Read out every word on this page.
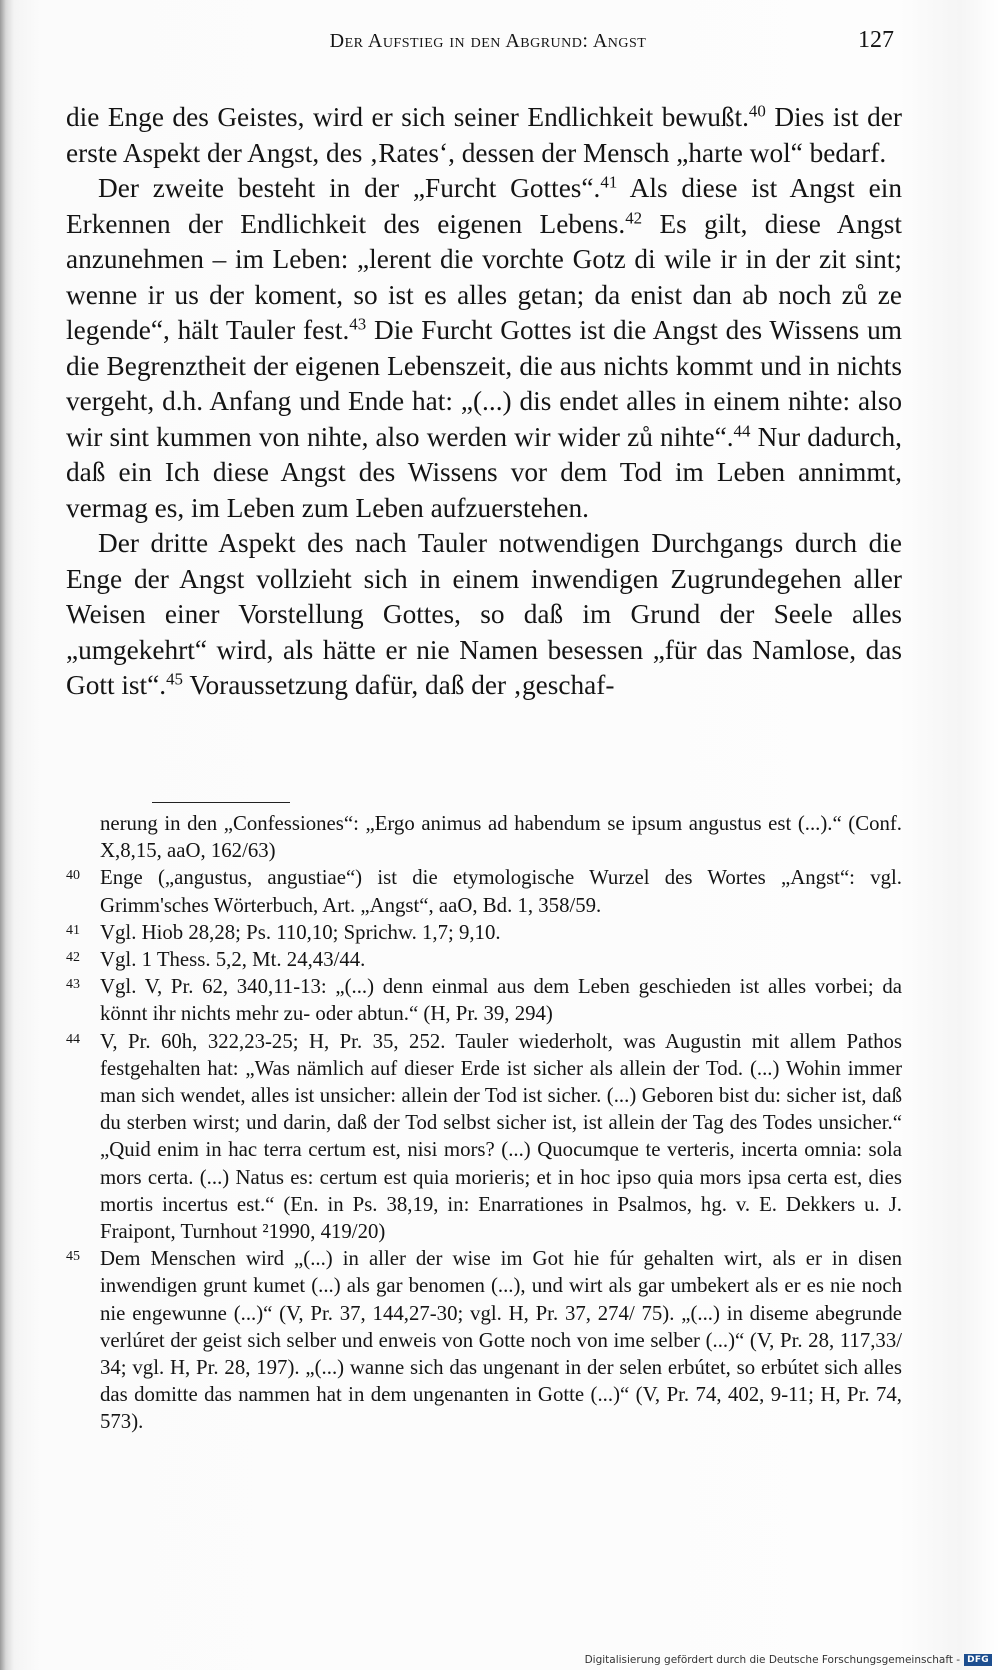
Der Aufstieg in den Abgrund: Angst	127

die Enge des Geistes, wird er sich seiner Endlichkeit bewußt.$^{40}$ Dies ist der erste Aspekt der Angst, des ‚Rates‘, dessen der Mensch „harte wol“ bedarf.

Der zweite besteht in der „Furcht Gottes“.$^{41}$ Als diese ist Angst ein Erkennen der Endlichkeit des eigenen Lebens.$^{42}$ Es gilt, diese Angst anzunehmen – im Leben: „lerent die vorchte Gotz di wile ir in der zit sint; wenne ir us der koment, so ist es alles getan; da enist dan ab noch zů ze legende“, hält Tauler fest.$^{43}$ Die Furcht Gottes ist die Angst des Wissens um die Begrenztheit der eigenen Lebenszeit, die aus nichts kommt und in nichts vergeht, d.h. Anfang und Ende hat: „(...) dis endet alles in einem nihte: also wir sint kummen von nihte, also werden wir wider zů nihte“.$^{44}$ Nur dadurch, daß ein Ich diese Angst des Wissens vor dem Tod im Leben annimmt, vermag es, im Leben zum Leben aufzuerstehen.

Der dritte Aspekt des nach Tauler notwendigen Durchgangs durch die Enge der Angst vollzieht sich in einem inwendigen Zugrundegehen aller Weisen einer Vorstellung Gottes, so daß im Grund der Seele alles „umgekehrt“ wird, als hätte er nie Namen besessen „für das Namlose, das Gott ist“.$^{45}$ Voraussetzung dafür, daß der ‚geschaf-

nerung in den „Confessiones“: „Ergo animus ad habendum se ipsum angustus est (...).“ (Conf. X,8,15, aaO, 162/63)
40 Enge („angustus, angustiae“) ist die etymologische Wurzel des Wortes „Angst“: vgl. Grimm'sches Wörterbuch, Art. „Angst“, aaO, Bd. 1, 358/59.
41 Vgl. Hiob 28,28; Ps. 110,10; Sprichw. 1,7; 9,10.
42 Vgl. 1 Thess. 5,2, Mt. 24,43/44.
43 Vgl. V, Pr. 62, 340,11-13: „(...) denn einmal aus dem Leben geschieden ist alles vorbei; da könnt ihr nichts mehr zu- oder abtun.“ (H, Pr. 39, 294)
44 V, Pr. 60h, 322,23-25; H, Pr. 35, 252. Tauler wiederholt, was Augustin mit allem Pathos festgehalten hat: „Was nämlich auf dieser Erde ist sicher als allein der Tod. (...) Wohin immer man sich wendet, alles ist unsicher: allein der Tod ist sicher. (...) Geboren bist du: sicher ist, daß du sterben wirst; und darin, daß der Tod selbst sicher ist, ist allein der Tag des Todes unsicher.“ „Quid enim in hac terra certum est, nisi mors? (...) Quocumque te verteris, incerta omnia: sola mors certa. (...) Natus es: certum est quia morieris; et in hoc ipso quia mors ipsa certa est, dies mortis incertus est.“ (En. in Ps. 38,19, in: Enarrationes in Psalmos, hg. v. E. Dekkers u. J. Fraipont, Turnhout ²1990, 419/20)
45 Dem Menschen wird „(...) in aller der wise im Got hie fúr gehalten wirt, als er in disen inwendigen grunt kumet (...) als gar benomen (...), und wirt als gar umbekert als er es nie noch nie engewunne (...)“ (V, Pr. 37, 144,27-30; vgl. H, Pr. 37, 274/ 75). „(...) in diseme abegrunde verlúret der geist sich selber und enweis von Gotte noch von ime selber (...)“ (V, Pr. 28, 117,33/ 34; vgl. H, Pr. 28, 197). „(...) wanne sich das ungenant in der selen erbútet, so erbútet sich alles das domitte das nammen hat in dem ungenanten in Gotte (...)“ (V, Pr. 74, 402, 9-11; H, Pr. 74, 573).
Digitalisierung gefördert durch die Deutsche Forschungsgemeinschaft - DFG
